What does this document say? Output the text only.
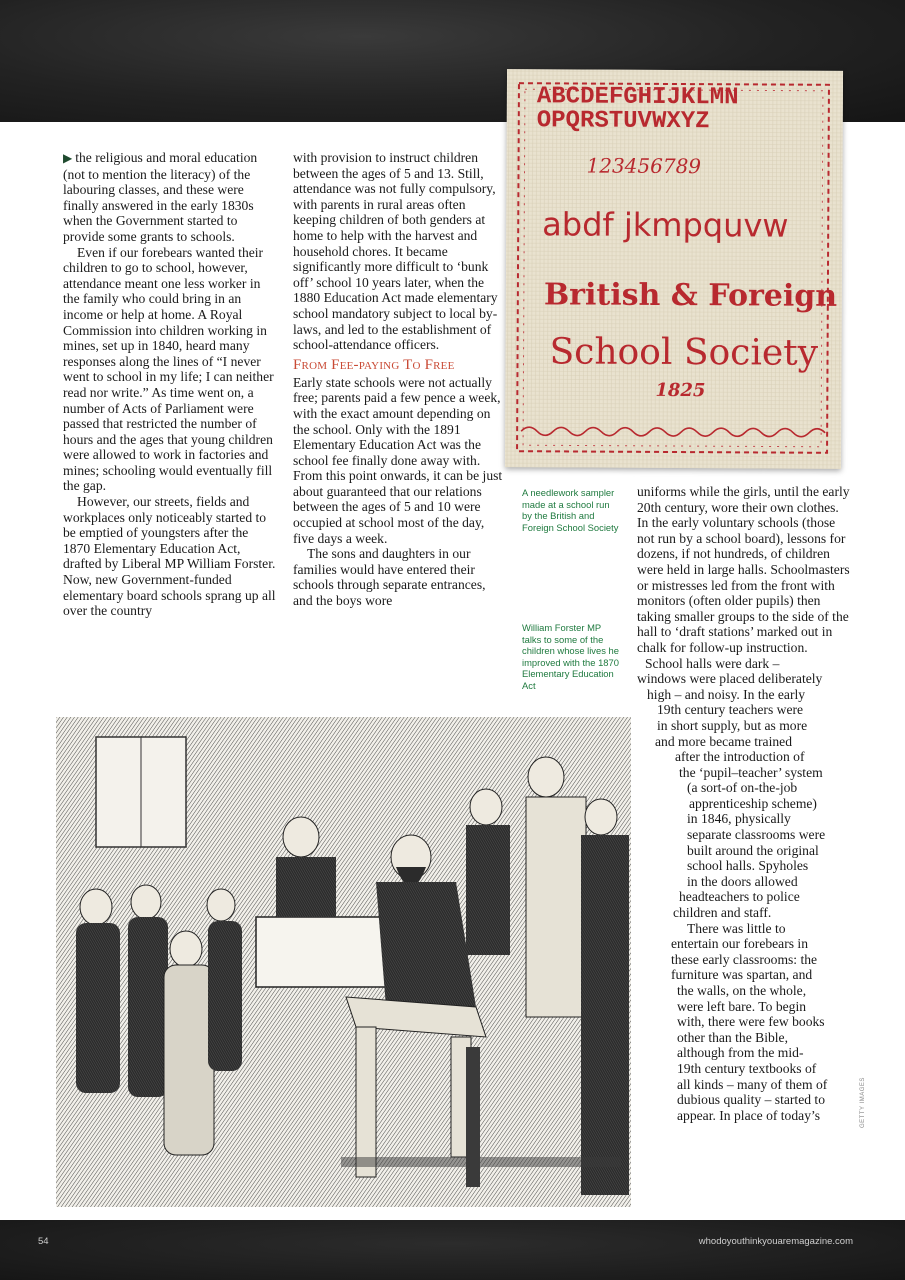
▶ the religious and moral education (not to mention the literacy) of the labouring classes, and these were finally answered in the early 1830s when the Government started to provide some grants to schools.

Even if our forebears wanted their children to go to school, however, attendance meant one less worker in the family who could bring in an income or help at home. A Royal Commission into children working in mines, set up in 1840, heard many responses along the lines of “I never went to school in my life; I can neither read nor write.” As time went on, a number of Acts of Parliament were passed that restricted the number of hours and the ages that young children were allowed to work in factories and mines; schooling would eventually fill the gap.

However, our streets, fields and workplaces only noticeably started to be emptied of youngsters after the 1870 Elementary Education Act, drafted by Liberal MP William Forster. Now, new Government-funded elementary board schools sprang up all over the country

with provision to instruct children between the ages of 5 and 13. Still, attendance was not fully compulsory, with parents in rural areas often keeping children of both genders at home to help with the harvest and household chores. It became significantly more difficult to ‘bunk off’ school 10 years later, when the 1880 Education Act made elementary school mandatory subject to local by-laws, and led to the establishment of school-attendance officers.

From Fee-paying To Free

Early state schools were not actually free; parents paid a few pence a week, with the exact amount depending on the school. Only with the 1891 Elementary Education Act was the school fee finally done away with. From this point onwards, it can be just about guaranteed that our relations between the ages of 5 and 10 were occupied at school most of the day, five days a week.

The sons and daughters in our families would have entered their schools through separate entrances, and the boys wore

ABCDEFGHIJKLMN
OPQRSTUVWXYZ
123456789
abdf jkmpquvw
British & Foreign
School Society
1825
A needlework sampler made at a school run by the British and Foreign School Society
William Forster MP talks to some of the children whose lives he improved with the 1870 Elementary Education Act

uniforms while the girls, until the early 20th century, wore their own clothes. In the early voluntary schools (those not run by a school board), lessons for dozens, if not hundreds, of children were held in large halls. Schoolmasters or mistresses led from the front with monitors (often older pupils) then taking smaller groups to the side of the hall to ‘draft stations’ marked out in chalk for follow-up instruction.

School halls were dark –
windows were placed deliberately
high – and noisy. In the early
19th century teachers were
in short supply, but as more
and more became trained
after the introduction of
the ‘pupil–teacher’ system
(a sort-of on-the-job
apprenticeship scheme)
in 1846, physically
separate classrooms were
built around the original
school halls. Spyholes
in the doors allowed
headteachers to police
children and staff.
There was little to
entertain our forebears in
these early classrooms: the
furniture was spartan, and
the walls, on the whole,
were left bare. To begin
with, there were few books
other than the Bible,
although from the mid-
19th century textbooks of
all kinds – many of them of
dubious quality – started to
appear. In place of today’s	GETTY IMAGES
54	whodoyouthinkyouaremagazine.com
